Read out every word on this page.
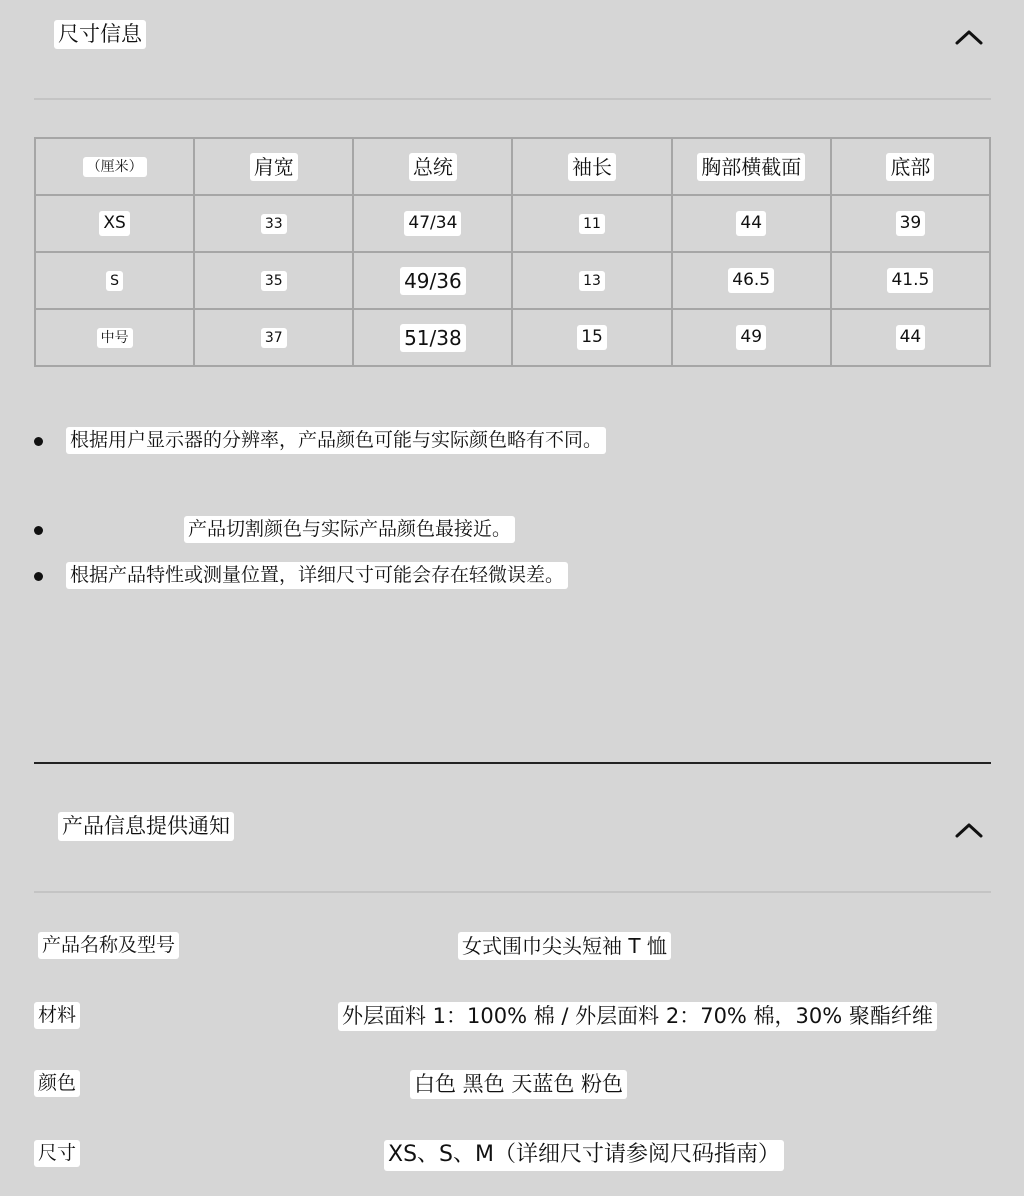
尺寸信息
（厘米）	肩宽	总统	袖长	胸部横截面	底部
XS	33	47/34	11	44	39
S	35	49/36	13	46.5	41.5
中号	37	51/38	15	49	44
根据用户显示器的分辨率，产品颜色可能与实际颜色略有不同。
产品切割颜色与实际产品颜色最接近。
根据产品特性或测量位置，详细尺寸可能会存在轻微误差。
产品信息提供通知
产品名称及型号	女式围巾尖头短袖 T 恤
材料	外层面料 1：100% 棉 / 外层面料 2：70% 棉，30% 聚酯纤维
颜色	白色 黑色 天蓝色 粉色
尺寸	XS、S、M（详细尺寸请参阅尺码指南）
